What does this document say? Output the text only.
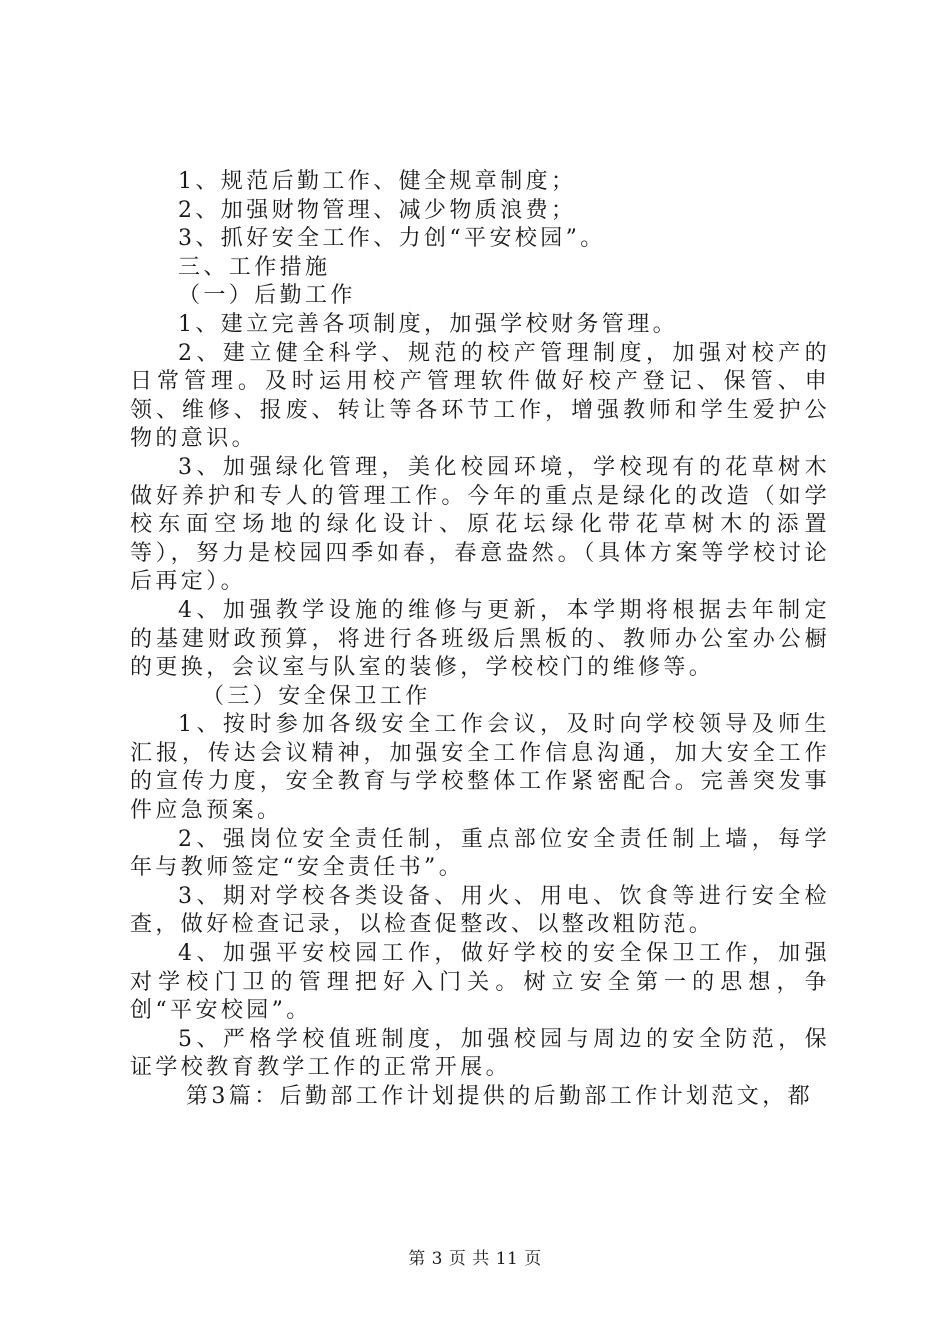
1、规范后勤工作、健全规章制度；

2、加强财物管理、减少物质浪费；

3、抓好安全工作、力创“平安校园”。

三、工作措施

（一）后勤工作

1、建立完善各项制度，加强学校财务管理。

2、建立健全科学、规范的校产管理制度，加强对校产的日常管理。及时运用校产管理软件做好校产登记、保管、申领、维修、报废、转让等各环节工作，增强教师和学生爱护公物的意识。

3、加强绿化管理，美化校园环境，学校现有的花草树木做好养护和专人的管理工作。今年的重点是绿化的改造（如学校东面空场地的绿化设计、原花坛绿化带花草树木的添置等），努力是校园四季如春，春意盎然。（具体方案等学校讨论后再定）。

4、加强教学设施的维修与更新，本学期将根据去年制定的基建财政预算，将进行各班级后黑板的、教师办公室办公橱的更换，会议室与队室的装修，学校校门的维修等。

（三）安全保卫工作

1、按时参加各级安全工作会议，及时向学校领导及师生汇报，传达会议精神，加强安全工作信息沟通，加大安全工作的宣传力度，安全教育与学校整体工作紧密配合。完善突发事件应急预案。

2、强岗位安全责任制，重点部位安全责任制上墙，每学年与教师签定“安全责任书”。

3、期对学校各类设备、用火、用电、饮食等进行安全检查，做好检查记录，以检查促整改、以整改粗防范。

4、加强平安校园工作，做好学校的安全保卫工作，加强对学校门卫的管理把好入门关。树立安全第一的思想，争创“平安校园”。

5、严格学校值班制度，加强校园与周边的安全防范，保证学校教育教学工作的正常开展。

第3篇：后勤部工作计划提供的后勤部工作计划范文，都

第 3 页 共 11 页
